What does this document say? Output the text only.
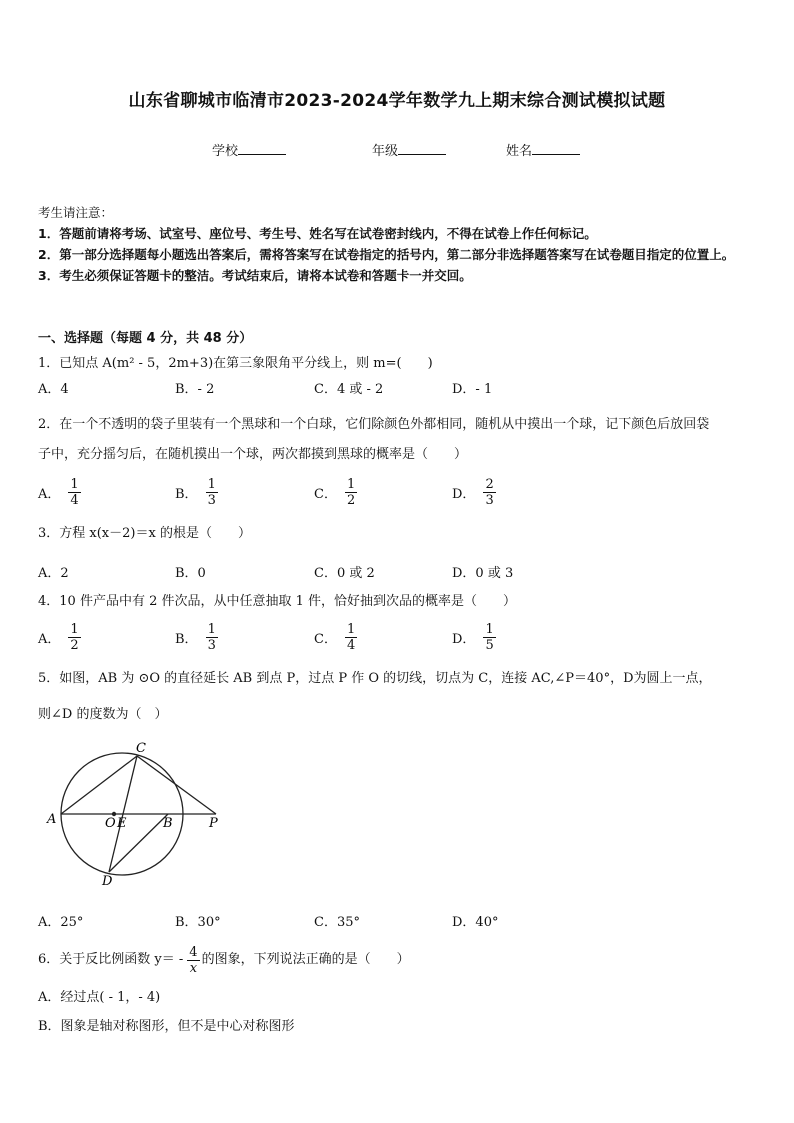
山东省聊城市临清市2023-2024学年数学九上期末综合测试模拟试题
学校	年级	姓名
考生请注意：
1．答题前请将考场、试室号、座位号、考生号、姓名写在试卷密封线内，不得在试卷上作任何标记。
2．第一部分选择题每小题选出答案后，需将答案写在试卷指定的括号内，第二部分非选择题答案写在试卷题目指定的位置上。
3．考生必须保证答题卡的整洁。考试结束后，请将本试卷和答题卡一并交回。
一、选择题（每题 4 分，共 48 分）
1．已知点 A(m² - 5，2m+3)在第三象限角平分线上，则 m=(　　)
A．4	B．- 2	C．4 或 - 2	D．- 1
2．在一个不透明的袋子里装有一个黑球和一个白球，它们除颜色外都相同，随机从中摸出一个球，记下颜色后放回袋
子中，充分摇匀后，在随机摸出一个球，两次都摸到黑球的概率是（　　）
A． $\frac{1}{4}$	B． $\frac{1}{3}$	C． $\frac{1}{2}$	D． $\frac{2}{3}$
3．方程 x(x－2)＝x 的根是（　　）
A．2	B．0	C．0 或 2	D．0 或 3
4．10 件产品中有 2 件次品，从中任意抽取 1 件，恰好抽到次品的概率是（　　）
A． $\frac{1}{2}$	B． $\frac{1}{3}$	C． $\frac{1}{4}$	D． $\frac{1}{5}$
5．如图，AB 为 ⊙O 的直径延长 AB 到点 P，过点 P 作 O 的切线，切点为 C，连接 AC,∠P＝40°，D为圆上一点，
则∠D 的度数为（　）
A	O E	B	P
C
D
A．25°	B．30°	C．35°	D．40°
6．关于反比例函数 $y= - \frac{4}{x}$ 的图象，下列说法正确的是（　　）
A．经过点( - 1，- 4)
B．图象是轴对称图形，但不是中心对称图形
